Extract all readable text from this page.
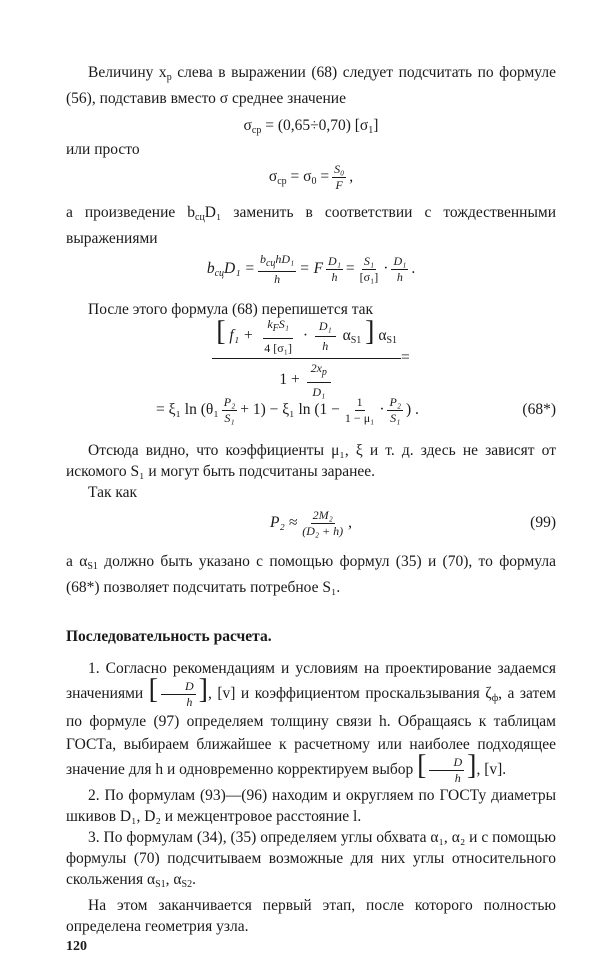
Величину $x_р$ слева в выражении (68) следует подсчитать по формуле (56), подставив вместо σ среднее значение

$\sigma_{ср} = (0,65\div 0,70)$ $[\sigma_1]$

или просто

$\sigma_{ср} = \sigma_0 = \frac{\text{S₀}}{F}$ ,

а произведение $b_{сц}D_1$ заменить в соответствии с тождественными выражениями

$b_{сц}D_1 = \frac{b_{сц}hD_1}{h} = F \frac{\text{D₁}}{h} = \frac{\text{S₁}}{\text{[σ₁]}} \cdot \frac{\text{D₁}}{h}$ .

После этого формула (68) перепишется так

[ $f_1 + \frac{k_FS_1}{\text{4 [σ₁]}} \cdot \frac{\text{D₁}}{h} \alpha_{S1}$ ] $\alpha_{S1}$
$1 + \frac{2x_р}{\text{D₁}}$
=
= ξ₁ $\ln (\theta_1 \frac{\text{P₂}}{\text{S₁}} + 1) - \xi_1$ $\ln (1 - \frac{1}{\text{1 − μ₁}} \cdot \frac{\text{P₂}}{\text{S₁}}$ ) .	(68*)

Отсюда видно, что коэффициенты μ₁, ξ и т. д. здесь не зависят от искомого S₁ и могут быть подсчитаны заранее.

Так как

$P_2 \approx \frac{\text{2M₂}}{\text{(D₂ + h)}}$ ,	(99)

а $\alpha_{S1}$ должно быть указано с помощью формул (35) и (70), то формула (68*) позволяет подсчитать потребное S₁.

Последовательность расчета.

1. Согласно рекомендациям и условиям на проектирование задаемся значениями [ $\frac{D}{h}$ ], [v] и коэффициентом проскальзывания $\zeta_ф$, а затем по формуле (97) определяем толщину связи h. Обращаясь к таблицам ГОСТа, выбираем ближайшее к расчетному или наиболее подходящее значение для h и одновременно корректируем выбор [ $\frac{D}{h}$ ], [v].

2. По формулам (93)—(96) находим и округляем по ГОСТу диаметры шкивов D₁, D₂ и межцентровое расстояние l.

3. По формулам (34), (35) определяем углы обхвата α₁, α₂ и с помощью формулы (70) подсчитываем возможные для них углы относительного скольжения $\alpha_{S1}$, $\alpha_{S2}$.

На этом заканчивается первый этап, после которого полностью определена геометрия узла.

120
